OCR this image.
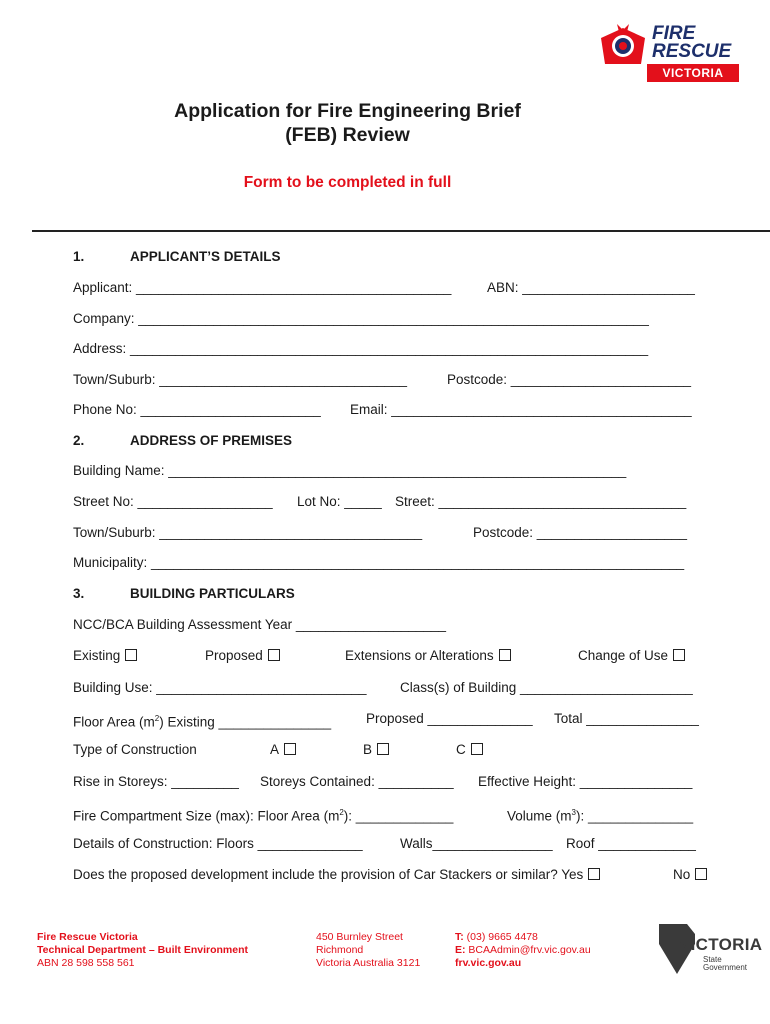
FIRE
RESCUE
VICTORIA
Application for Fire Engineering Brief
(FEB) Review
Form to be completed in full
1.	APPLICANT’S DETAILS
Applicant: __________________________________________	ABN: _______________________
Company: ____________________________________________________________________
Address: _____________________________________________________________________
Town/Suburb: _________________________________	Postcode: ________________________
Phone No: ________________________ Email: ________________________________________
2.	ADDRESS OF PREMISES
Building Name: _____________________________________________________________
Street No: __________________ Lot No: _____ Street: _________________________________
Town/Suburb: ___________________________________	Postcode: ____________________
Municipality: _______________________________________________________________________
3.	BUILDING PARTICULARS
NCC/BCA Building Assessment Year ____________________
Existing	Proposed	Extensions or Alterations	Change of Use
Building Use: ____________________________ Class(s) of Building _______________________
Floor Area $(m^2)$ Existing _______________	Proposed ______________ Total _______________
Type of Construction	A	B	C
Rise in Storeys: _________ Storeys Contained: __________ Effective Height: _______________
Fire Compartment Size (max): Floor Area $(m^2)$: _____________	Volume $(m^3)$: ______________
Details of Construction: Floors ______________	Walls________________ Roof _____________
Does the proposed development include the provision of Car Stackers or similar? Yes	No
Fire Rescue Victoria
Technical Department – Built Environment
ABN 28 598 558 561
450 Burnley Street
Richmond
Victoria Australia 3121
T: (03) 9665 4478
E: BCAAdmin@frv.vic.gov.au
frv.vic.gov.au
VICTORIA
State
Government
